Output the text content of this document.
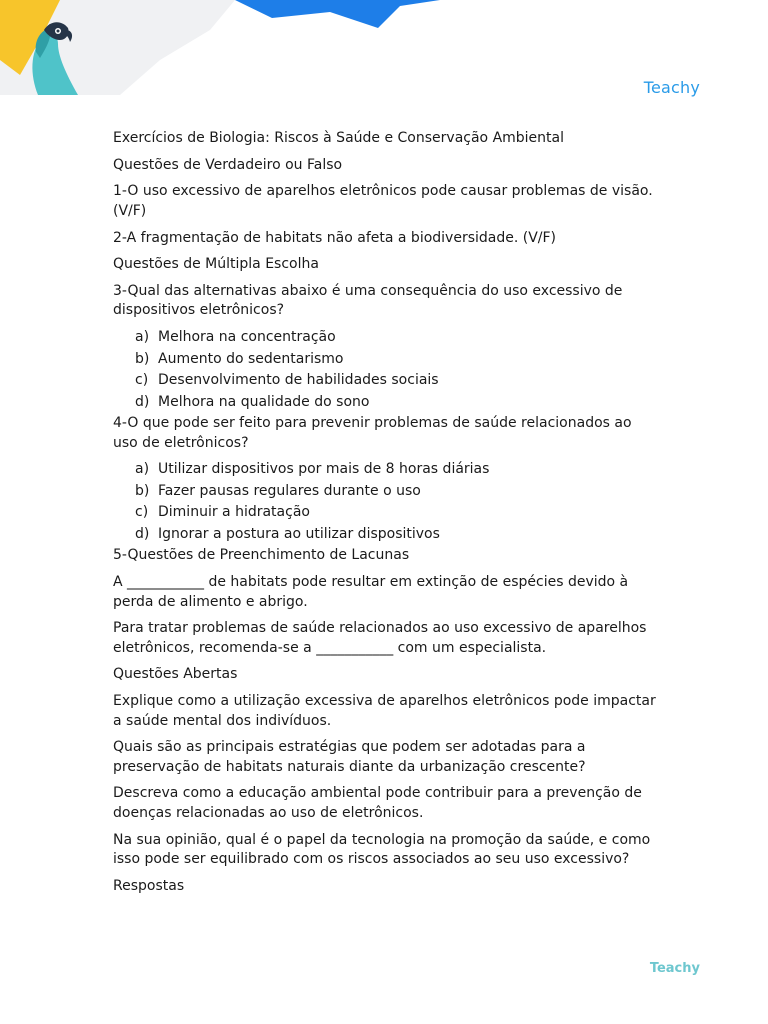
Teachy

Exercícios de Biologia: Riscos à Saúde e Conservação Ambiental

Questões de Verdadeiro ou Falso

1-O uso excessivo de aparelhos eletrônicos pode causar problemas de visão. (V/F)

2-A fragmentação de habitats não afeta a biodiversidade. (V/F)

Questões de Múltipla Escolha

3-Qual das alternativas abaixo é uma consequência do uso excessivo de dispositivos eletrônicos?

a) Melhora na concentração
b) Aumento do sedentarismo
c) Desenvolvimento de habilidades sociais
d) Melhora na qualidade do sono

4-O que pode ser feito para prevenir problemas de saúde relacionados ao uso de eletrônicos?

a) Utilizar dispositivos por mais de 8 horas diárias
b) Fazer pausas regulares durante o uso
c) Diminuir a hidratação
d) Ignorar a postura ao utilizar dispositivos

5-Questões de Preenchimento de Lacunas

A ___________ de habitats pode resultar em extinção de espécies devido à perda de alimento e abrigo.

Para tratar problemas de saúde relacionados ao uso excessivo de aparelhos eletrônicos, recomenda-se a ___________ com um especialista.

Questões Abertas

Explique como a utilização excessiva de aparelhos eletrônicos pode impactar a saúde mental dos indivíduos.

Quais são as principais estratégias que podem ser adotadas para a preservação de habitats naturais diante da urbanização crescente?

Descreva como a educação ambiental pode contribuir para a prevenção de doenças relacionadas ao uso de eletrônicos.

Na sua opinião, qual é o papel da tecnologia na promoção da saúde, e como isso pode ser equilibrado com os riscos associados ao seu uso excessivo?

Respostas

Teachy
